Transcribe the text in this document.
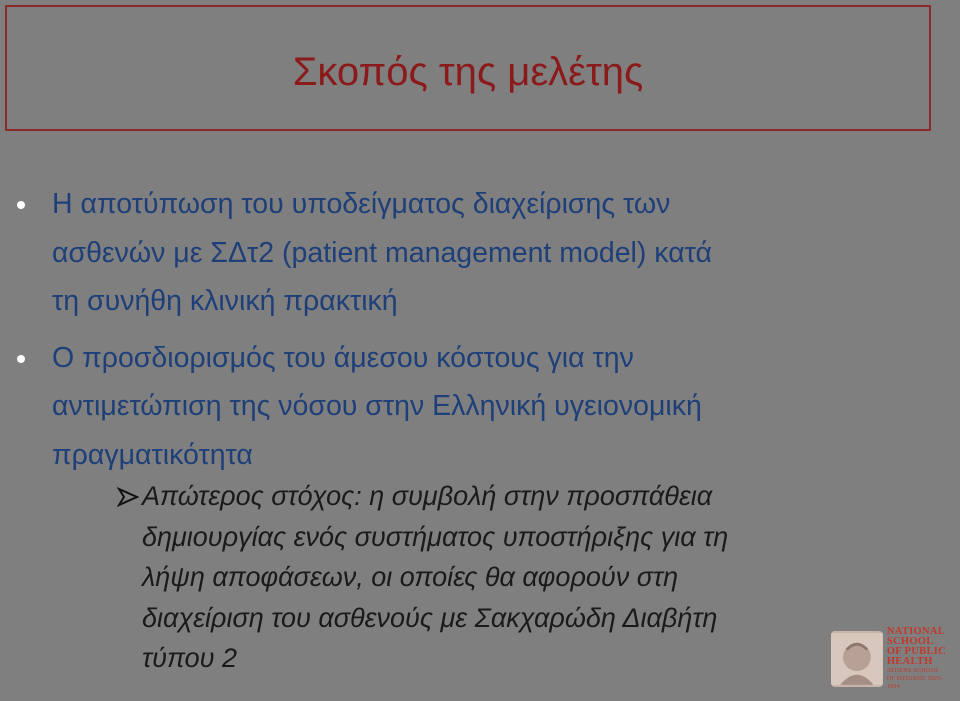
Σκοπός της μελέτης
Η αποτύπωση του υποδείγματος διαχείρισης των
ασθενών με ΣΔτ2 (patient management model) κατά
τη συνήθη κλινική πρακτική
Ο προσδιορισμός του άμεσου κόστους για την
αντιμετώπιση της νόσου στην Ελληνική υγειονομική
πραγματικότητα
Απώτερος στόχος: η συμβολή στην προσπάθεια
δημιουργίας ενός συστήματος υποστήριξης για τη
λήψη αποφάσεων, οι οποίες θα αφορούν στη
διαχείριση του ασθενούς με Σακχαρώδη Διαβήτη
τύπου 2
NATIONAL
SCHOOL
OF PUBLIC
HEALTH
ATHENS SCHOOL
OF HYGIENE 1929-1994
